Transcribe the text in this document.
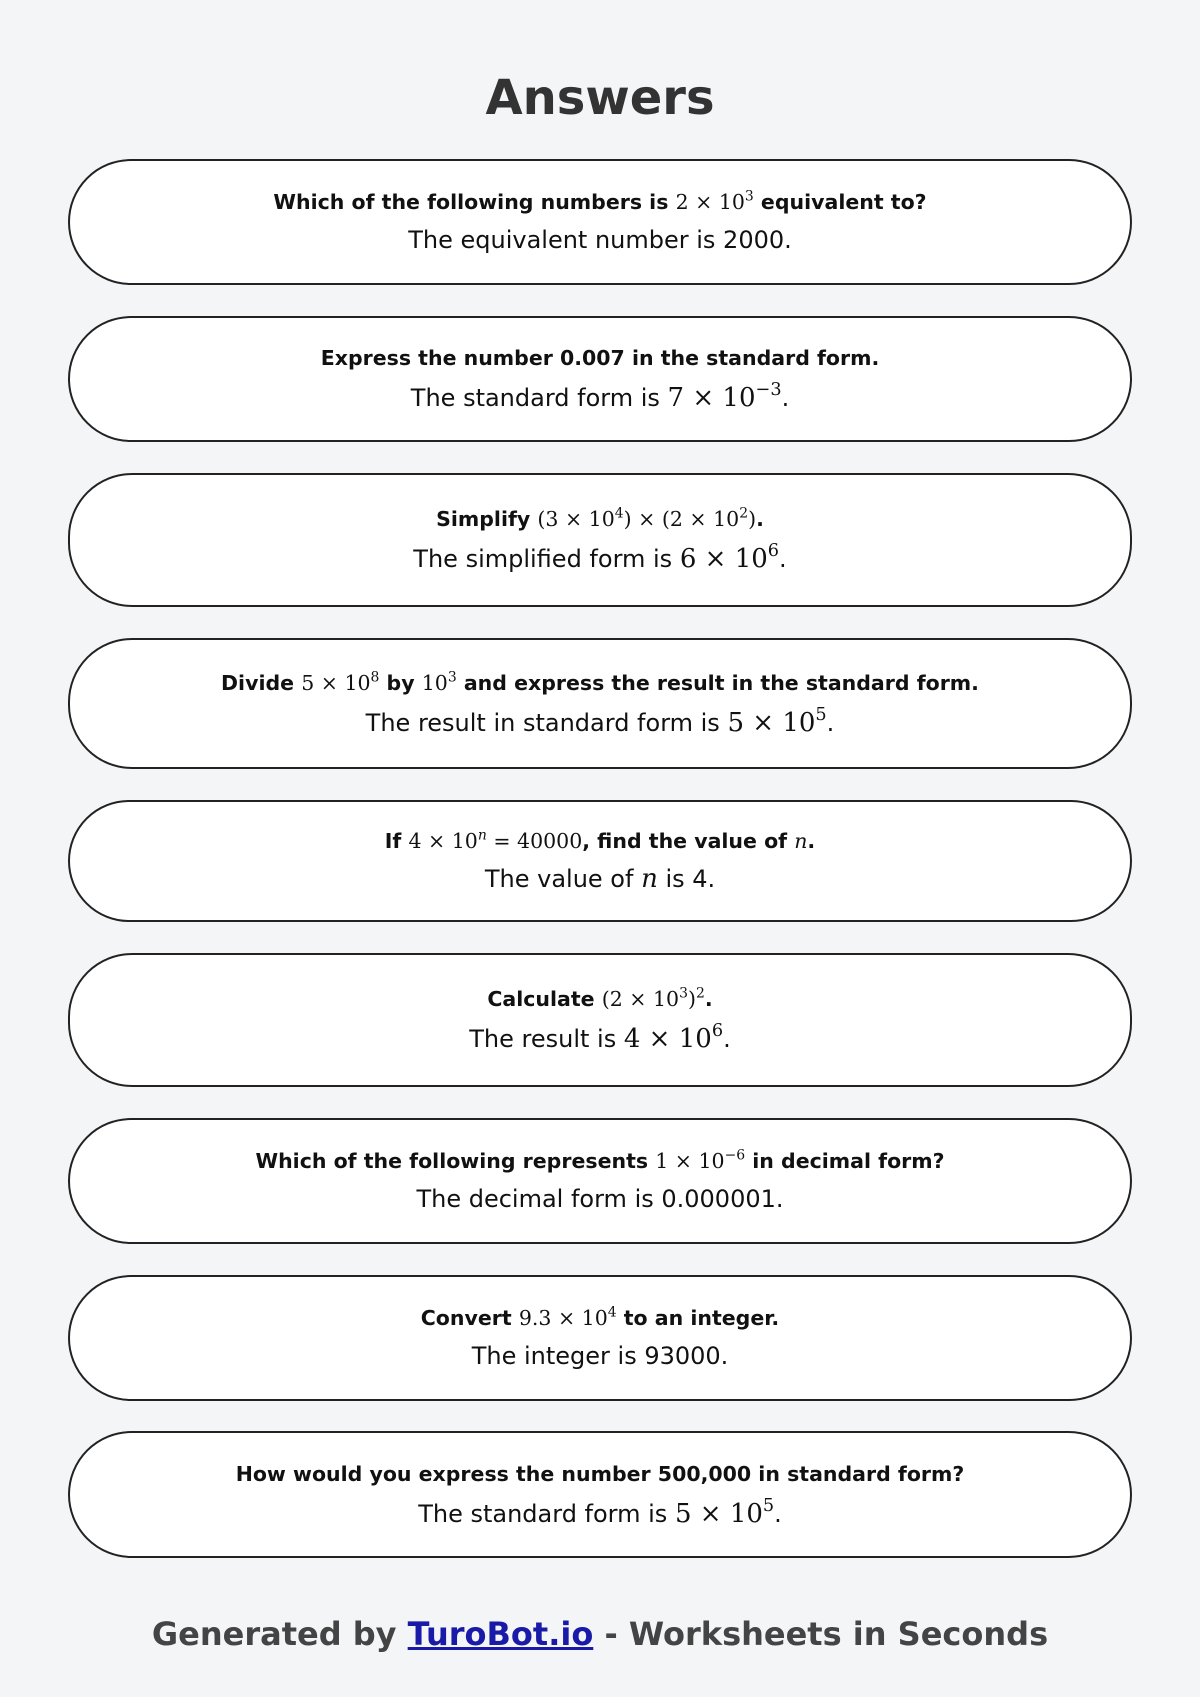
Answers
Which of the following numbers is $2 \times 10^3$ equivalent to?
The equivalent number is 2000.
Express the number 0.007 in the standard form.
The standard form is $7 \times 10^{-3}$.
Simplify $(3 \times 10^4) \times (2 \times 10^2)$.
The simplified form is $6 \times 10^6$.
Divide $5 \times 10^8$ by $10^3$ and express the result in the standard form.
The result in standard form is $5 \times 10^5$.
If $4 \times 10^n = 40000$, find the value of n.
The value of n is 4.
Calculate $(2 \times 10^3)^2$.
The result is $4 \times 10^6$.
Which of the following represents $1 \times 10^{-6}$ in decimal form?
The decimal form is 0.000001.
Convert $9.3 \times 10^4$ to an integer.
The integer is 93000.
How would you express the number 500,000 in standard form?
The standard form is $5 \times 10^5$.
Generated by TuroBot.io - Worksheets in Seconds
